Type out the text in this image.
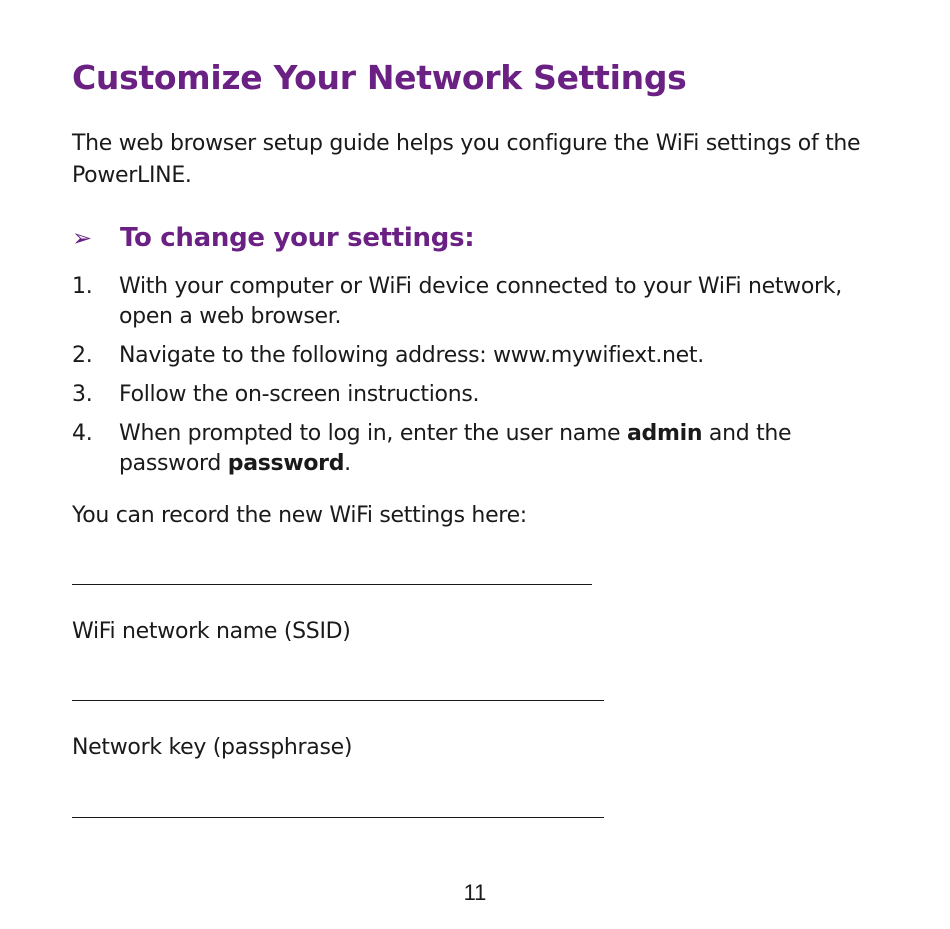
Customize Your Network Settings

The web browser setup guide helps you configure the WiFi settings of the PowerLINE.

➢	To change your settings:
1.	With your computer or WiFi device connected to your WiFi network, open a web browser.
2.	Navigate to the following address: www.mywifiext.net.
3.	Follow the on-screen instructions.
4.	When prompted to log in, enter the user name admin and the password password.

You can record the new WiFi settings here:

WiFi network name (SSID)

Network key (passphrase)

11
